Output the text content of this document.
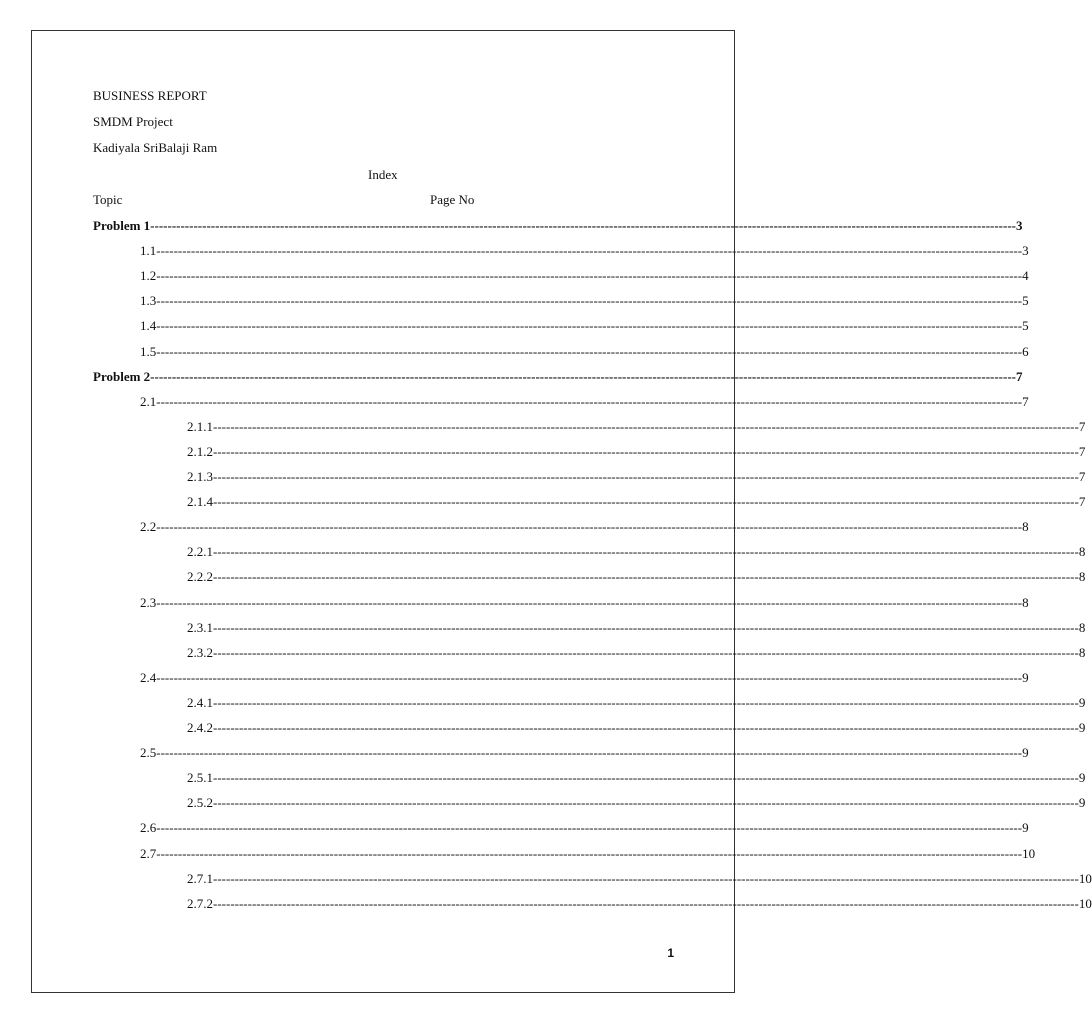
BUSINESS REPORT
SMDM Project
Kadiyala SriBalaji Ram
Index
Topic	Page No
Problem 1 -------------------------------------------------------------------------------------------------------------------------------------------------------------------------------------------------------- 3
1.1 -------------------------------------------------------------------------------------------------------------------------------------------------------------------------------------------------------- 3
1.2 -------------------------------------------------------------------------------------------------------------------------------------------------------------------------------------------------------- 4
1.3 -------------------------------------------------------------------------------------------------------------------------------------------------------------------------------------------------------- 5
1.4 -------------------------------------------------------------------------------------------------------------------------------------------------------------------------------------------------------- 5
1.5 -------------------------------------------------------------------------------------------------------------------------------------------------------------------------------------------------------- 6
Problem 2 -------------------------------------------------------------------------------------------------------------------------------------------------------------------------------------------------------- 7
2.1 -------------------------------------------------------------------------------------------------------------------------------------------------------------------------------------------------------- 7
2.1.1 -------------------------------------------------------------------------------------------------------------------------------------------------------------------------------------------------------- 7
2.1.2 -------------------------------------------------------------------------------------------------------------------------------------------------------------------------------------------------------- 7
2.1.3 -------------------------------------------------------------------------------------------------------------------------------------------------------------------------------------------------------- 7
2.1.4 -------------------------------------------------------------------------------------------------------------------------------------------------------------------------------------------------------- 7
2.2 -------------------------------------------------------------------------------------------------------------------------------------------------------------------------------------------------------- 8
2.2.1 -------------------------------------------------------------------------------------------------------------------------------------------------------------------------------------------------------- 8
2.2.2 -------------------------------------------------------------------------------------------------------------------------------------------------------------------------------------------------------- 8
2.3 -------------------------------------------------------------------------------------------------------------------------------------------------------------------------------------------------------- 8
2.3.1 -------------------------------------------------------------------------------------------------------------------------------------------------------------------------------------------------------- 8
2.3.2 -------------------------------------------------------------------------------------------------------------------------------------------------------------------------------------------------------- 8
2.4 -------------------------------------------------------------------------------------------------------------------------------------------------------------------------------------------------------- 9
2.4.1 -------------------------------------------------------------------------------------------------------------------------------------------------------------------------------------------------------- 9
2.4.2 -------------------------------------------------------------------------------------------------------------------------------------------------------------------------------------------------------- 9
2.5 -------------------------------------------------------------------------------------------------------------------------------------------------------------------------------------------------------- 9
2.5.1 -------------------------------------------------------------------------------------------------------------------------------------------------------------------------------------------------------- 9
2.5.2 -------------------------------------------------------------------------------------------------------------------------------------------------------------------------------------------------------- 9
2.6 -------------------------------------------------------------------------------------------------------------------------------------------------------------------------------------------------------- 9
2.7 -------------------------------------------------------------------------------------------------------------------------------------------------------------------------------------------------------- 10
2.7.1 -------------------------------------------------------------------------------------------------------------------------------------------------------------------------------------------------------- 10
2.7.2 -------------------------------------------------------------------------------------------------------------------------------------------------------------------------------------------------------- 10
1
